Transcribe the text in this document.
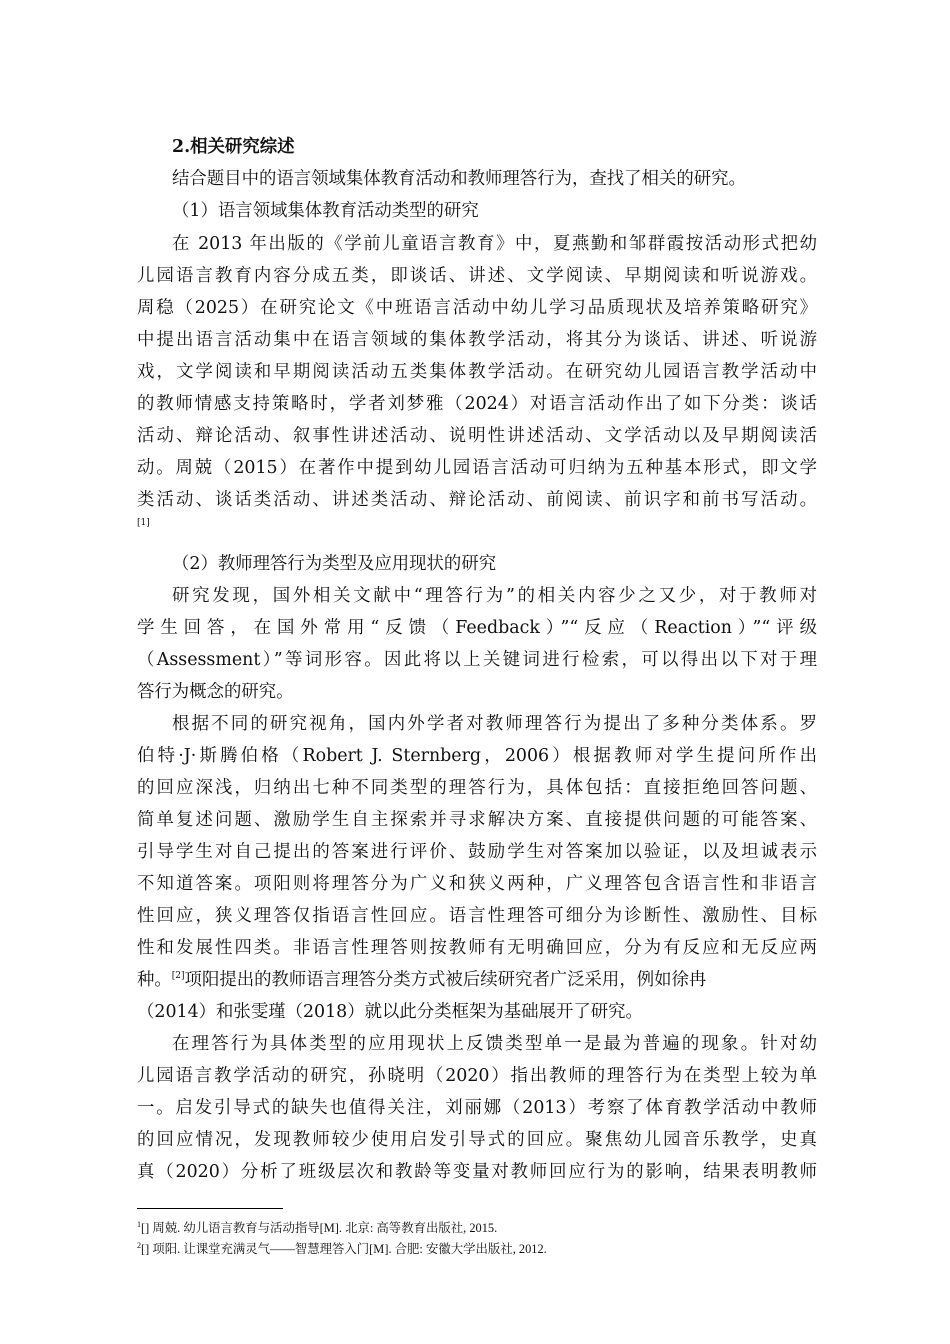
2.相关研究综述
结合题目中的语言领域集体教育活动和教师理答行为，查找了相关的研究。
（1）语言领域集体教育活动类型的研究
在 2013 年出版的《学前儿童语言教育》中，夏燕勤和邹群霞按活动形式把幼
儿园语言教育内容分成五类，即谈话、讲述、文学阅读、早期阅读和听说游戏。
周稳（2025）在研究论文《中班语言活动中幼儿学习品质现状及培养策略研究》
中提出语言活动集中在语言领域的集体教学活动，将其分为谈话、讲述、听说游
戏，文学阅读和早期阅读活动五类集体教学活动。在研究幼儿园语言教学活动中
的教师情感支持策略时，学者刘梦雅（2024）对语言活动作出了如下分类：谈话
活动、辩论活动、叙事性讲述活动、说明性讲述活动、文学活动以及早期阅读活
动。周兢（2015）在著作中提到幼儿园语言活动可归纳为五种基本形式，即文学
类活动、谈话类活动、讲述类活动、辩论活动、前阅读、前识字和前书写活动。
[1]
（2）教师理答行为类型及应用现状的研究
研究发现，国外相关文献中“理答行为”的相关内容少之又少，对于教师对
学生回答，在国外常用“反馈（Feedback）”“反应（Reaction）”“评级
（Assessment）”等词形容。因此将以上关键词进行检索，可以得出以下对于理
答行为概念的研究。
根据不同的研究视角，国内外学者对教师理答行为提出了多种分类体系。罗
伯特·J·斯腾伯格（Robert J. Sternberg，2006）根据教师对学生提问所作出
的回应深浅，归纳出七种不同类型的理答行为，具体包括：直接拒绝回答问题、
简单复述问题、激励学生自主探索并寻求解决方案、直接提供问题的可能答案、
引导学生对自己提出的答案进行评价、鼓励学生对答案加以验证，以及坦诚表示
不知道答案。项阳则将理答分为广义和狭义两种，广义理答包含语言性和非语言
性回应，狭义理答仅指语言性回应。语言性理答可细分为诊断性、激励性、目标
性和发展性四类。非语言性理答则按教师有无明确回应，分为有反应和无反应两
种。[2]项阳提出的教师语言理答分类方式被后续研究者广泛采用，例如徐冉
（2014）和张雯瑾（2018）就以此分类框架为基础展开了研究。
在理答行为具体类型的应用现状上反馈类型单一是最为普遍的现象。针对幼
儿园语言教学活动的研究，孙晓明（2020）指出教师的理答行为在类型上较为单
一。启发引导式的缺失也值得关注，刘丽娜（2013）考察了体育教学活动中教师
的回应情况，发现教师较少使用启发引导式的回应。聚焦幼儿园音乐教学，史真
真（2020）分析了班级层次和教龄等变量对教师回应行为的影响，结果表明教师
$^1$[] 周兢. 幼儿语言教育与活动指导[M]. 北京: 高等教育出版社, 2015.
$^2$[] 项阳. 让课堂充满灵气——智慧理答入门[M]. 合肥: 安徽大学出版社, 2012.
